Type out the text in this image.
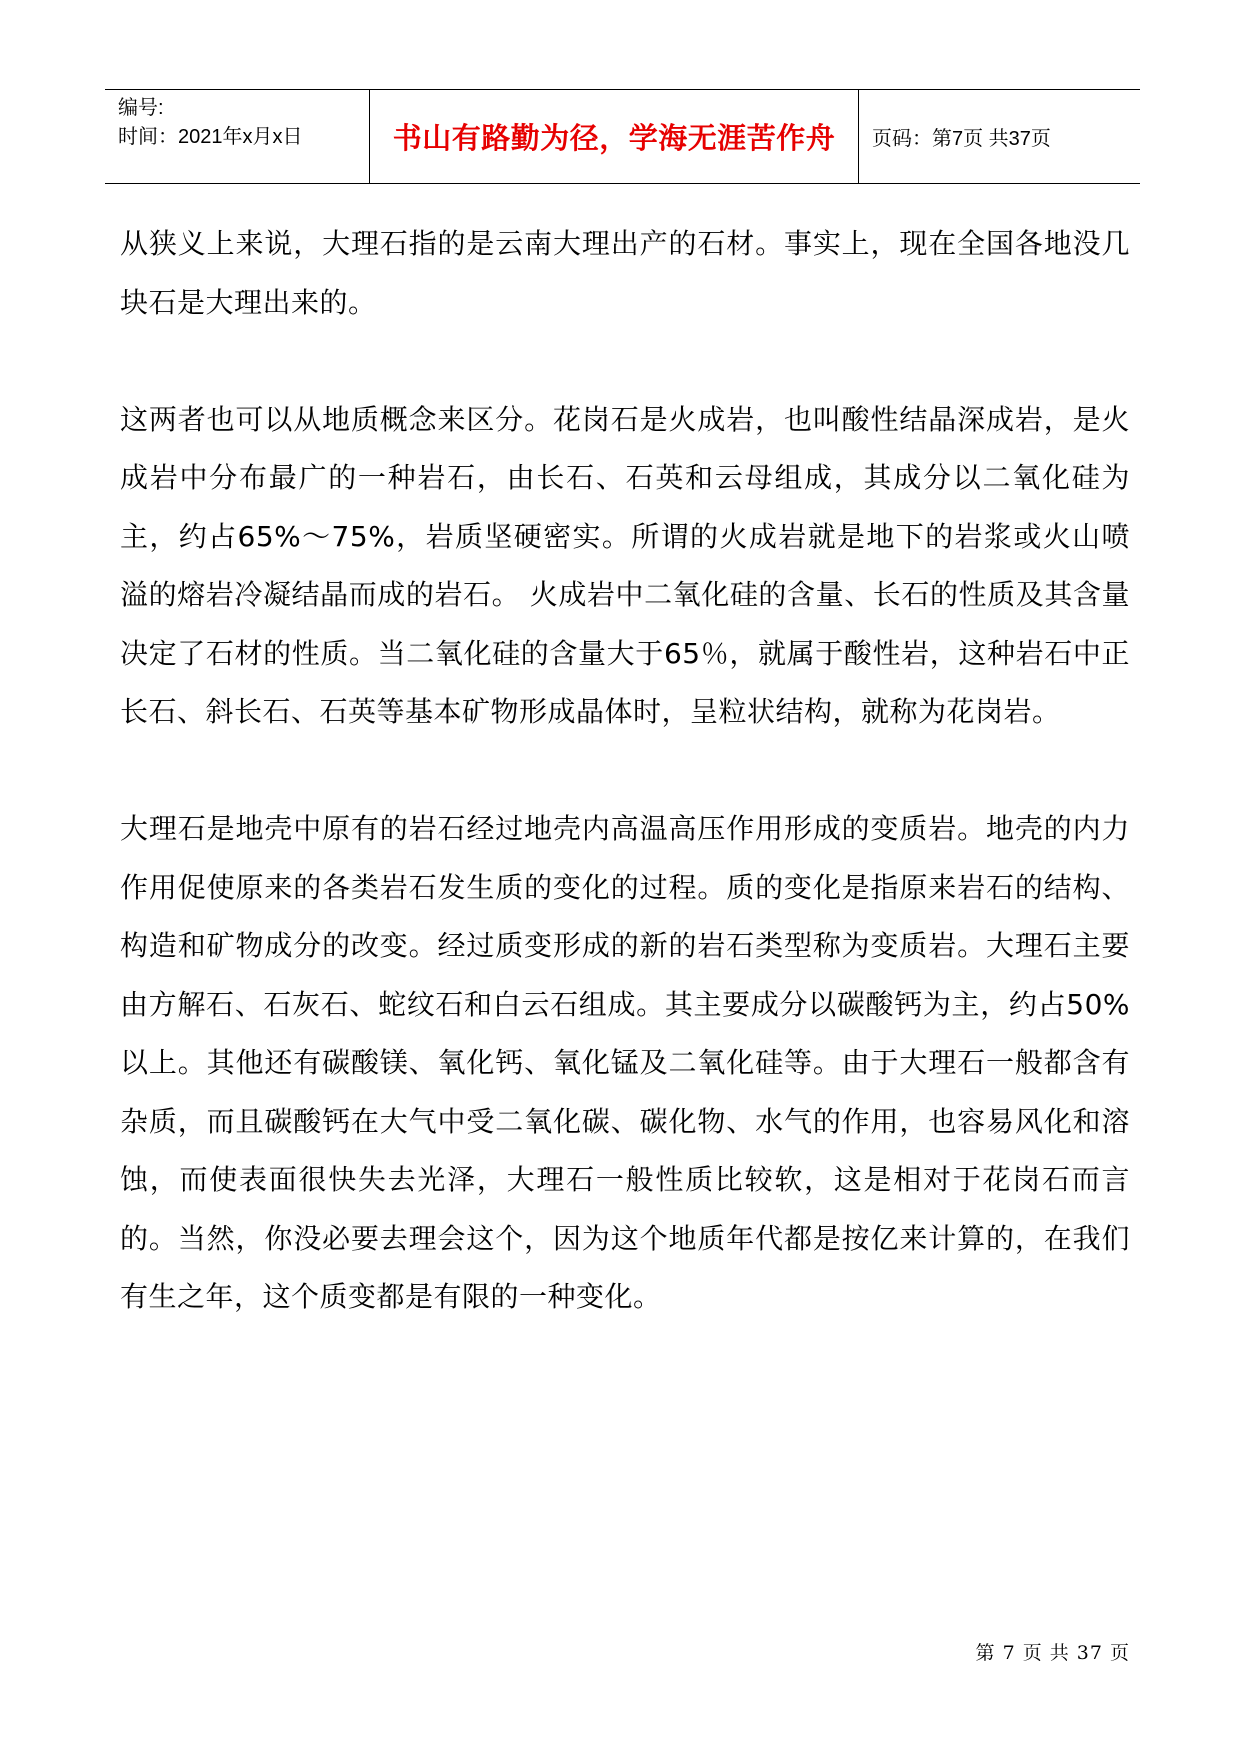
编号:
时间：2021年x月x日	书山有路勤为径，学海无涯苦作舟 页码：第7页 共37页

从狭义上来说，大理石指的是云南大理出产的石材。事实上，现在全国各地没几块石是大理出来的。

这两者也可以从地质概念来区分。花岗石是火成岩，也叫酸性结晶深成岩，是火成岩中分布最广的一种岩石，由长石、石英和云母组成，其成分以二氧化硅为主，约占65%～75%，岩质坚硬密实。所谓的火成岩就是地下的岩浆或火山喷溢的熔岩冷凝结晶而成的岩石。 火成岩中二氧化硅的含量、长石的性质及其含量决定了石材的性质。当二氧化硅的含量大于65％，就属于酸性岩，这种岩石中正长石、斜长石、石英等基本矿物形成晶体时，呈粒状结构，就称为花岗岩。

大理石是地壳中原有的岩石经过地壳内高温高压作用形成的变质岩。地壳的内力作用促使原来的各类岩石发生质的变化的过程。质的变化是指原来岩石的结构、构造和矿物成分的改变。经过质变形成的新的岩石类型称为变质岩。大理石主要由方解石、石灰石、蛇纹石和白云石组成。其主要成分以碳酸钙为主，约占50%以上。其他还有碳酸镁、氧化钙、氧化锰及二氧化硅等。由于大理石一般都含有杂质，而且碳酸钙在大气中受二氧化碳、碳化物、水气的作用，也容易风化和溶蚀，而使表面很快失去光泽，大理石一般性质比较软，这是相对于花岗石而言的。当然，你没必要去理会这个，因为这个地质年代都是按亿来计算的，在我们有生之年，这个质变都是有限的一种变化。

第 7 页 共 37 页
